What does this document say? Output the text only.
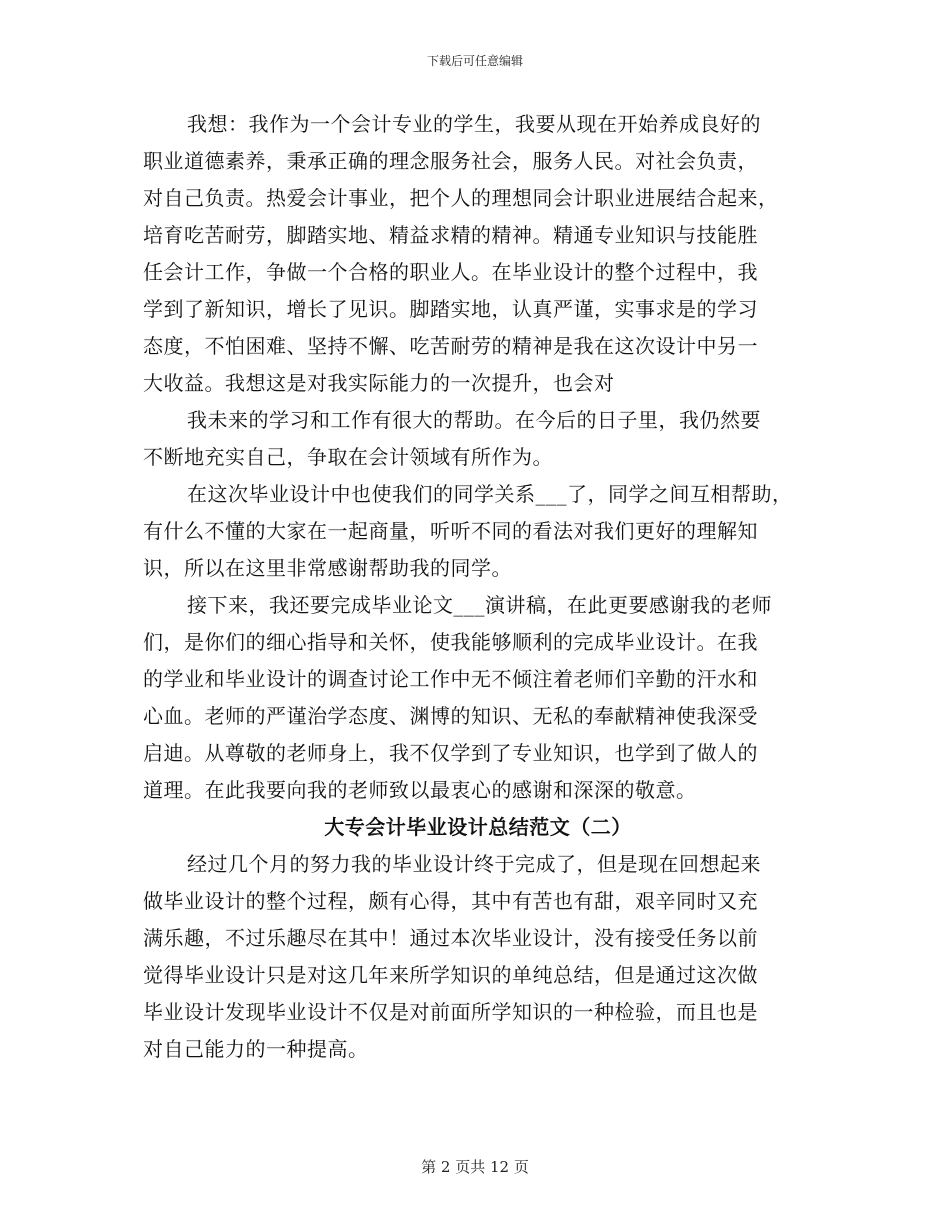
下载后可任意编辑
我想：我作为一个会计专业的学生，我要从现在开始养成良好的
职业道德素养，秉承正确的理念服务社会，服务人民。对社会负责，
对自己负责。热爱会计事业，把个人的理想同会计职业进展结合起来，
培育吃苦耐劳，脚踏实地、精益求精的精神。精通专业知识与技能胜
任会计工作，争做一个合格的职业人。在毕业设计的整个过程中，我
学到了新知识，增长了见识。脚踏实地，认真严谨，实事求是的学习
态度，不怕困难、坚持不懈、吃苦耐劳的精神是我在这次设计中另一
大收益。我想这是对我实际能力的一次提升，也会对
我未来的学习和工作有很大的帮助。在今后的日子里，我仍然要
不断地充实自己，争取在会计领域有所作为。
在这次毕业设计中也使我们的同学关系___了，同学之间互相帮助，
有什么不懂的大家在一起商量，听听不同的看法对我们更好的理解知
识，所以在这里非常感谢帮助我的同学。
接下来，我还要完成毕业论文___演讲稿，在此更要感谢我的老师
们，是你们的细心指导和关怀，使我能够顺利的完成毕业设计。在我
的学业和毕业设计的调查讨论工作中无不倾注着老师们辛勤的汗水和
心血。老师的严谨治学态度、渊博的知识、无私的奉献精神使我深受
启迪。从尊敬的老师身上，我不仅学到了专业知识，也学到了做人的
道理。在此我要向我的老师致以最衷心的感谢和深深的敬意。
大专会计毕业设计总结范文（二）
经过几个月的努力我的毕业设计终于完成了，但是现在回想起来
做毕业设计的整个过程，颇有心得，其中有苦也有甜，艰辛同时又充
满乐趣，不过乐趣尽在其中！通过本次毕业设计，没有接受任务以前
觉得毕业设计只是对这几年来所学知识的单纯总结，但是通过这次做
毕业设计发现毕业设计不仅是对前面所学知识的一种检验，而且也是
对自己能力的一种提高。
第 2 页共 12 页
